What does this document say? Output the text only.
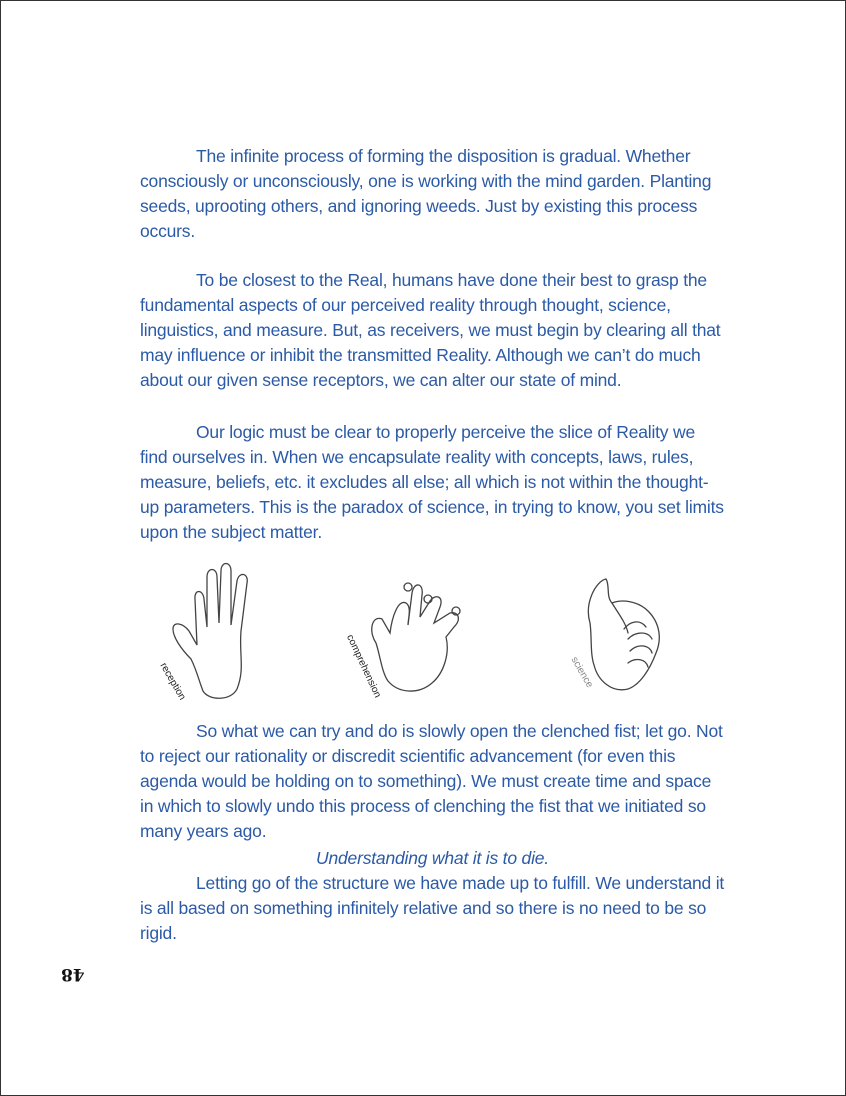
The infinite process of forming the disposition is gradual. Whether consciously or unconsciously, one is working with the mind garden. Planting seeds, uprooting others, and ignoring weeds. Just by existing this process occurs.

To be closest to the Real, humans have done their best to grasp the fundamental aspects of our perceived reality through thought, science, linguistics, and measure. But, as receivers, we must begin by clearing all that may influence or inhibit the transmitted Reality. Although we can’t do much about our given sense receptors, we can alter our state of mind.

Our logic must be clear to properly perceive the slice of Reality we find ourselves in. When we encapsulate reality with concepts, laws, rules, measure, beliefs, etc. it excludes all else; all which is not within the thought-up parameters. This is the paradox of science, in trying to know, you set limits upon the subject matter.

reception	comprehension	science

So what we can try and do is slowly open the clenched fist; let go. Not to reject our rationality or discredit scientific advancement (for even this agenda would be holding on to something). We must create time and space in which to slowly undo this process of clenching the fist that we initiated so many years ago.

Understanding what it is to die.

Letting go of the structure we have made up to fulfill. We understand it is all based on something infinitely relative and so there is no need to be so rigid.

48
